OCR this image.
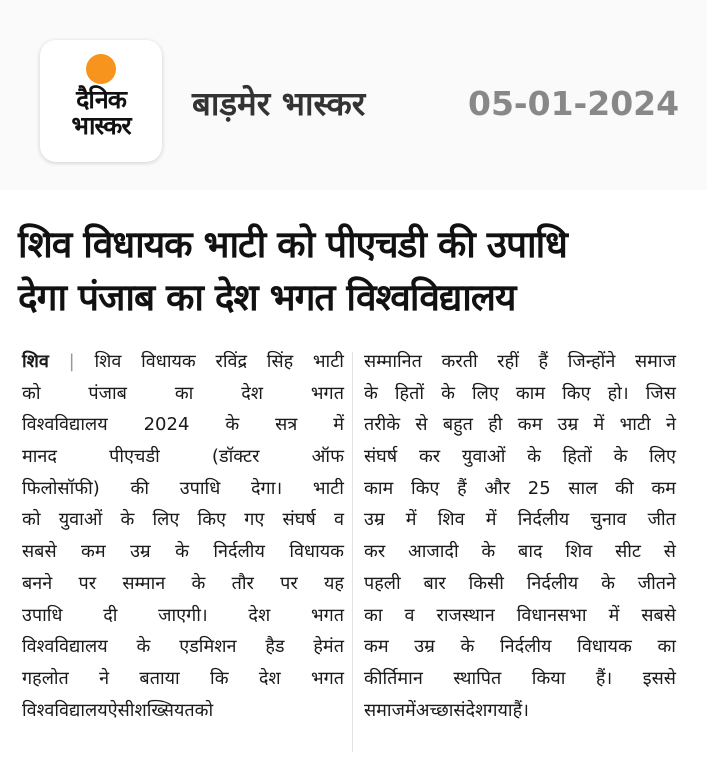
दैनिक
भास्कर
बाड़मेर भास्कर	05-01-2024
शिव विधायक भाटी को पीएचडी की उपाधि
देगा पंजाब का देश भगत विश्वविद्यालय
शिव | शिव विधायक रविंद्र सिंह भाटी
को	पंजाब	का	देश	भगत
विश्वविद्यालय 2024 के सत्र में
मानद	पीएचडी	(डॉक्टर	ऑफ
फिलोसॉफी) की उपाधि देगा। भाटी
को युवाओं के लिए किए गए संघर्ष व
सबसे कम उम्र के निर्दलीय विधायक
बनने पर सम्मान के तौर पर यह
उपाधि दी जाएगी। देश भगत
विश्वविद्यालय के एडमिशन हैड हेमंत
गहलोत ने बताया कि देश भगत
विश्वविद्यालय ऐसी शख्सियत को
सम्मानित करती रहीं हैं जिन्होंने समाज
के हितों के लिए काम किए हो। जिस
तरीके से बहुत ही कम उम्र में भाटी ने
संघर्ष कर युवाओं के हितों के लिए
काम किए हैं और 25 साल की कम
उम्र में शिव में निर्दलीय चुनाव जीत
कर आजादी के बाद शिव सीट से
पहली बार किसी निर्दलीय के जीतने
का व राजस्थान विधानसभा में सबसे
कम उम्र के निर्दलीय विधायक का
कीर्तिमान स्थापित किया हैं। इससे
समाज में अच्छा संदेश गया हैं।
